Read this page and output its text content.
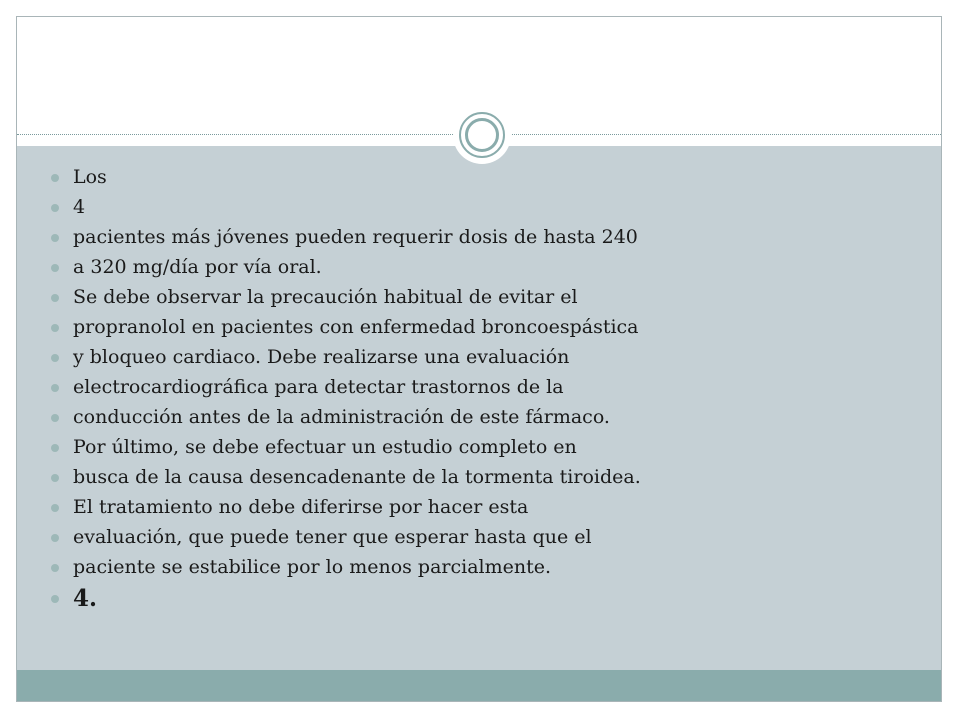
Los
4
pacientes más jóvenes pueden requerir dosis de hasta 240
a 320 mg/día por vía oral.
Se debe observar la precaución habitual de evitar el
propranolol en pacientes con enfermedad broncoespástica
y bloqueo cardiaco. Debe realizarse una evaluación
electrocardiográfica para detectar trastornos de la
conducción antes de la administración de este fármaco.
Por último, se debe efectuar un estudio completo en
busca de la causa desencadenante de la tormenta tiroidea.
El tratamiento no debe diferirse por hacer esta
evaluación, que puede tener que esperar hasta que el
paciente se estabilice por lo menos parcialmente.
4.
